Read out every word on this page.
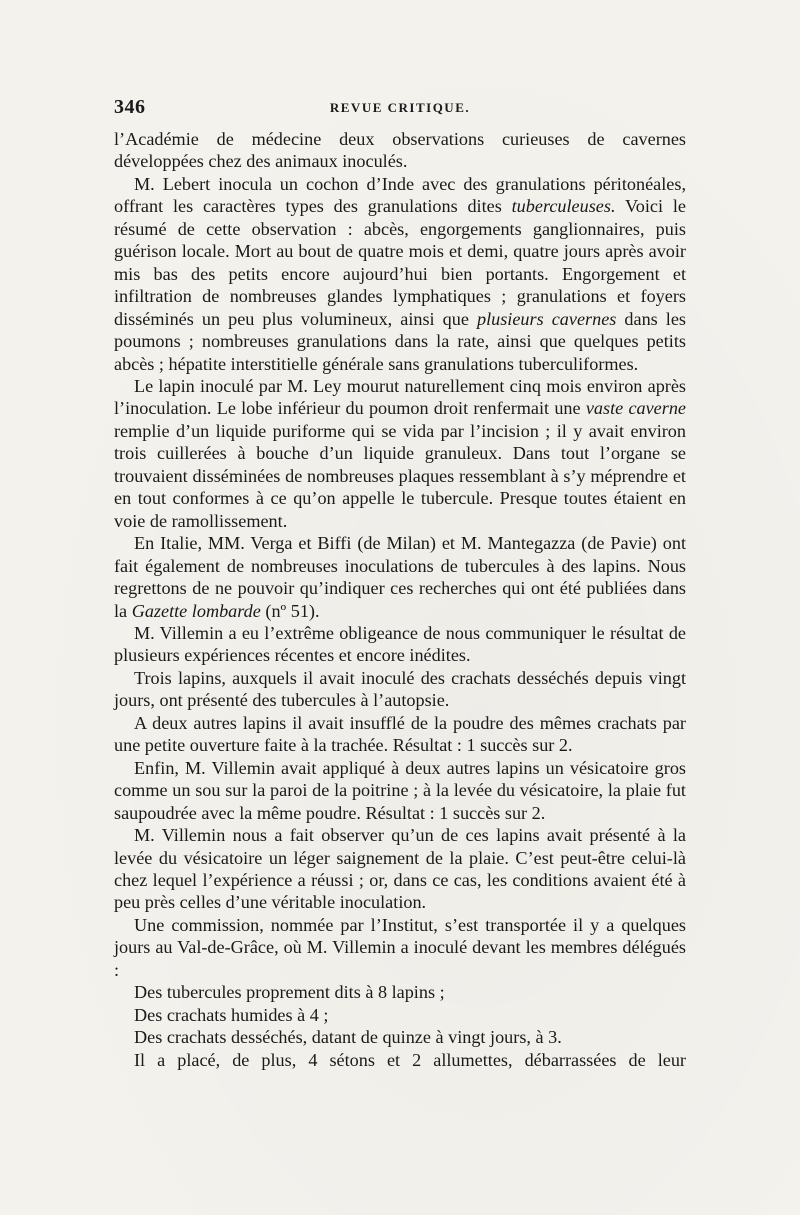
346	REVUE CRITIQUE.

l’Académie de médecine deux observations curieuses de cavernes développées chez des animaux inoculés.

M. Lebert inocula un cochon d’Inde avec des granulations péritonéales, offrant les caractères types des granulations dites tuberculeuses. Voici le résumé de cette observation : abcès, engorgements ganglionnaires, puis guérison locale. Mort au bout de quatre mois et demi, quatre jours après avoir mis bas des petits encore aujourd’hui bien portants. Engorgement et infiltration de nombreuses glandes lymphatiques ; granulations et foyers disséminés un peu plus volumineux, ainsi que plusieurs cavernes dans les poumons ; nombreuses granulations dans la rate, ainsi que quelques petits abcès ; hépatite interstitielle générale sans granulations tuberculiformes.

Le lapin inoculé par M. Ley mourut naturellement cinq mois environ après l’inoculation. Le lobe inférieur du poumon droit renfermait une vaste caverne remplie d’un liquide puriforme qui se vida par l’incision ; il y avait environ trois cuillerées à bouche d’un liquide granuleux. Dans tout l’organe se trouvaient disséminées de nombreuses plaques ressemblant à s’y méprendre et en tout conformes à ce qu’on appelle le tubercule. Presque toutes étaient en voie de ramollissement.

En Italie, MM. Verga et Biffi (de Milan) et M. Mantegazza (de Pavie) ont fait également de nombreuses inoculations de tubercules à des lapins. Nous regrettons de ne pouvoir qu’indiquer ces recherches qui ont été publiées dans la Gazette lombarde (nº 51).

M. Villemin a eu l’extrême obligeance de nous communiquer le résultat de plusieurs expériences récentes et encore inédites.

Trois lapins, auxquels il avait inoculé des crachats desséchés depuis vingt jours, ont présenté des tubercules à l’autopsie.

A deux autres lapins il avait insufflé de la poudre des mêmes crachats par une petite ouverture faite à la trachée. Résultat : 1 succès sur 2.

Enfin, M. Villemin avait appliqué à deux autres lapins un vésicatoire gros comme un sou sur la paroi de la poitrine ; à la levée du vésicatoire, la plaie fut saupoudrée avec la même poudre. Résultat : 1 succès sur 2.

M. Villemin nous a fait observer qu’un de ces lapins avait présenté à la levée du vésicatoire un léger saignement de la plaie. C’est peut-être celui-là chez lequel l’expérience a réussi ; or, dans ce cas, les conditions avaient été à peu près celles d’une véritable inoculation.

Une commission, nommée par l’Institut, s’est transportée il y a quelques jours au Val-de-Grâce, où M. Villemin a inoculé devant les membres délégués :

Des tubercules proprement dits à 8 lapins ;

Des crachats humides à 4 ;

Des crachats desséchés, datant de quinze à vingt jours, à 3.

Il a placé, de plus, 4 sétons et 2 allumettes, débarrassées de leur
